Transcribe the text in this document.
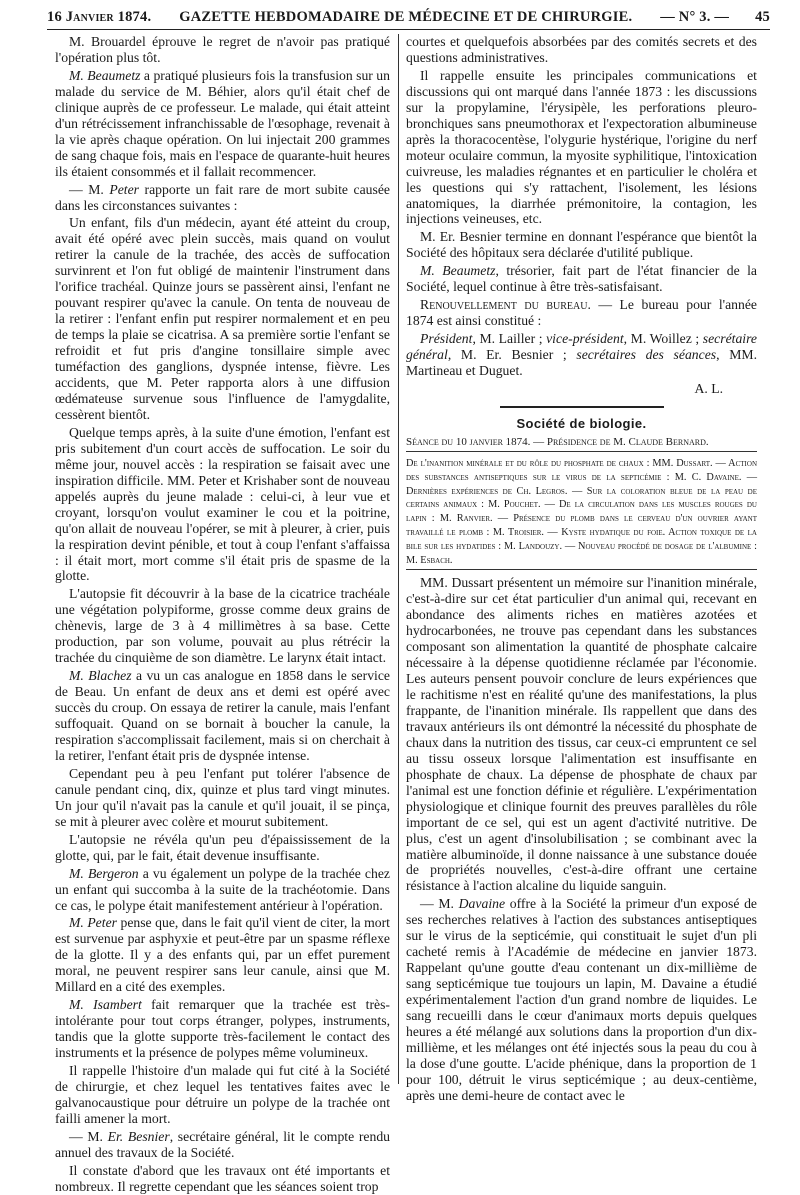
16 Janvier 1874. GAZETTE HEBDOMADAIRE DE MÉDECINE ET DE CHIRURGIE. — N° 3. — 45

M. Brouardel éprouve le regret de n'avoir pas pratiqué l'opération plus tôt.

M. Beaumetz a pratiqué plusieurs fois la transfusion sur un malade du service de M. Béhier, alors qu'il était chef de clinique auprès de ce professeur. Le malade, qui était atteint d'un rétrécissement infranchissable de l'œsophage, revenait à la vie après chaque opération. On lui injectait 200 grammes de sang chaque fois, mais en l'espace de quarante-huit heures ils étaient consommés et il fallait recommencer.

— M. Peter rapporte un fait rare de mort subite causée dans les circonstances suivantes :

Un enfant, fils d'un médecin, ayant été atteint du croup, avait été opéré avec plein succès, mais quand on voulut retirer la canule de la trachée, des accès de suffocation survinrent et l'on fut obligé de maintenir l'instrument dans l'orifice trachéal. Quinze jours se passèrent ainsi, l'enfant ne pouvant respirer qu'avec la canule. On tenta de nouveau de la retirer : l'enfant enfin put respirer normalement et en peu de temps la plaie se cicatrisa. A sa première sortie l'enfant se refroidit et fut pris d'angine tonsillaire simple avec tuméfaction des ganglions, dyspnée intense, fièvre. Les accidents, que M. Peter rapporta alors à une diffusion œdémateuse survenue sous l'influence de l'amygdalite, cessèrent bientôt.

Quelque temps après, à la suite d'une émotion, l'enfant est pris subitement d'un court accès de suffocation. Le soir du même jour, nouvel accès : la respiration se faisait avec une inspiration difficile. MM. Peter et Krishaber sont de nouveau appelés auprès du jeune malade : celui-ci, à leur vue et croyant, lorsqu'on voulut examiner le cou et la poitrine, qu'on allait de nouveau l'opérer, se mit à pleurer, à crier, puis la respiration devint pénible, et tout à coup l'enfant s'affaissa : il était mort, mort comme s'il était pris de spasme de la glotte.

L'autopsie fit découvrir à la base de la cicatrice trachéale une végétation polypiforme, grosse comme deux grains de chènevis, large de 3 à 4 millimètres à sa base. Cette production, par son volume, pouvait au plus rétrécir la trachée du cinquième de son diamètre. Le larynx était intact.

M. Blachez a vu un cas analogue en 1858 dans le service de Beau. Un enfant de deux ans et demi est opéré avec succès du croup. On essaya de retirer la canule, mais l'enfant suffoquait. Quand on se bornait à boucher la canule, la respiration s'accomplissait facilement, mais si on cherchait à la retirer, l'enfant était pris de dyspnée intense.

Cependant peu à peu l'enfant put tolérer l'absence de canule pendant cinq, dix, quinze et plus tard vingt minutes. Un jour qu'il n'avait pas la canule et qu'il jouait, il se pinça, se mit à pleurer avec colère et mourut subitement.

L'autopsie ne révéla qu'un peu d'épaississement de la glotte, qui, par le fait, était devenue insuffisante.

M. Bergeron a vu également un polype de la trachée chez un enfant qui succomba à la suite de la trachéotomie. Dans ce cas, le polype était manifestement antérieur à l'opération.

M. Peter pense que, dans le fait qu'il vient de citer, la mort est survenue par asphyxie et peut-être par un spasme réflexe de la glotte. Il y a des enfants qui, par un effet purement moral, ne peuvent respirer sans leur canule, ainsi que M. Millard en a cité des exemples.

M. Isambert fait remarquer que la trachée est très-intolérante pour tout corps étranger, polypes, instruments, tandis que la glotte supporte très-facilement le contact des instruments et la présence de polypes même volumineux.

Il rappelle l'histoire d'un malade qui fut cité à la Société de chirurgie, et chez lequel les tentatives faites avec le galvanocaustique pour détruire un polype de la trachée ont failli amener la mort.

— M. Er. Besnier, secrétaire général, lit le compte rendu annuel des travaux de la Société.

Il constate d'abord que les travaux ont été importants et nombreux. Il regrette cependant que les séances soient trop

courtes et quelquefois absorbées par des comités secrets et des questions administratives.

Il rappelle ensuite les principales communications et discussions qui ont marqué dans l'année 1873 : les discussions sur la propylamine, l'érysipèle, les perforations pleuro-bronchiques sans pneumothorax et l'expectoration albumineuse après la thoracocentèse, l'olygurie hystérique, l'origine du nerf moteur oculaire commun, la myosite syphilitique, l'intoxication cuivreuse, les maladies régnantes et en particulier le choléra et les questions qui s'y rattachent, l'isolement, les lésions anatomiques, la diarrhée prémonitoire, la contagion, les injections veineuses, etc.

M. Er. Besnier termine en donnant l'espérance que bientôt la Société des hôpitaux sera déclarée d'utilité publique.

M. Beaumetz, trésorier, fait part de l'état financier de la Société, lequel continue à être très-satisfaisant.

Renouvellement du bureau. — Le bureau pour l'année 1874 est ainsi constitué :

Président, M. Lailler ; vice-président, M. Woillez ; secrétaire général, M. Er. Besnier ; secrétaires des séances, MM. Martineau et Duguet.

A. L.

Société de biologie.

Séance du 10 janvier 1874. — Présidence de M. Claude Bernard.

De l'inanition minérale et du rôle du phosphate de chaux : MM. Dussart. — Action des substances antiseptiques sur le virus de la septicémie : M. C. Davaine. — Dernières expériences de Ch. Legros. — Sur la coloration bleue de la peau de certains animaux : M. Pouchet. — De la circulation dans les muscles rouges du lapin : M. Ranvier. — Présence du plomb dans le cerveau d'un ouvrier ayant travaillé le plomb : M. Troisier. — Kyste hydatique du foie. Action toxique de la bile sur les hydatides : M. Landouzy. — Nouveau procédé de dosage de l'albumine : M. Esbach.

MM. Dussart présentent un mémoire sur l'inanition minérale, c'est-à-dire sur cet état particulier d'un animal qui, recevant en abondance des aliments riches en matières azotées et hydrocarbonées, ne trouve pas cependant dans les substances composant son alimentation la quantité de phosphate calcaire nécessaire à la dépense quotidienne réclamée par l'économie. Les auteurs pensent pouvoir conclure de leurs expériences que le rachitisme n'est en réalité qu'une des manifestations, la plus frappante, de l'inanition minérale. Ils rappellent que dans des travaux antérieurs ils ont démontré la nécessité du phosphate de chaux dans la nutrition des tissus, car ceux-ci empruntent ce sel au tissu osseux lorsque l'alimentation est insuffisante en phosphate de chaux. La dépense de phosphate de chaux par l'animal est une fonction définie et régulière. L'expérimentation physiologique et clinique fournit des preuves parallèles du rôle important de ce sel, qui est un agent d'activité nutritive. De plus, c'est un agent d'insolubilisation ; se combinant avec la matière albuminoïde, il donne naissance à une substance douée de propriétés nouvelles, c'est-à-dire offrant une certaine résistance à l'action alcaline du liquide sanguin.

— M. Davaine offre à la Société la primeur d'un exposé de ses recherches relatives à l'action des substances antiseptiques sur le virus de la septicémie, qui constituait le sujet d'un pli cacheté remis à l'Académie de médecine en janvier 1873. Rappelant qu'une goutte d'eau contenant un dix-millième de sang septicémique tue toujours un lapin, M. Davaine a étudié expérimentalement l'action d'un grand nombre de liquides. Le sang recueilli dans le cœur d'animaux morts depuis quelques heures a été mélangé aux solutions dans la proportion d'un dix-millième, et les mélanges ont été injectés sous la peau du cou à la dose d'une goutte. L'acide phénique, dans la proportion de 1 pour 100, détruit le virus septicémique ; au deux-centième, après une demi-heure de contact avec le
